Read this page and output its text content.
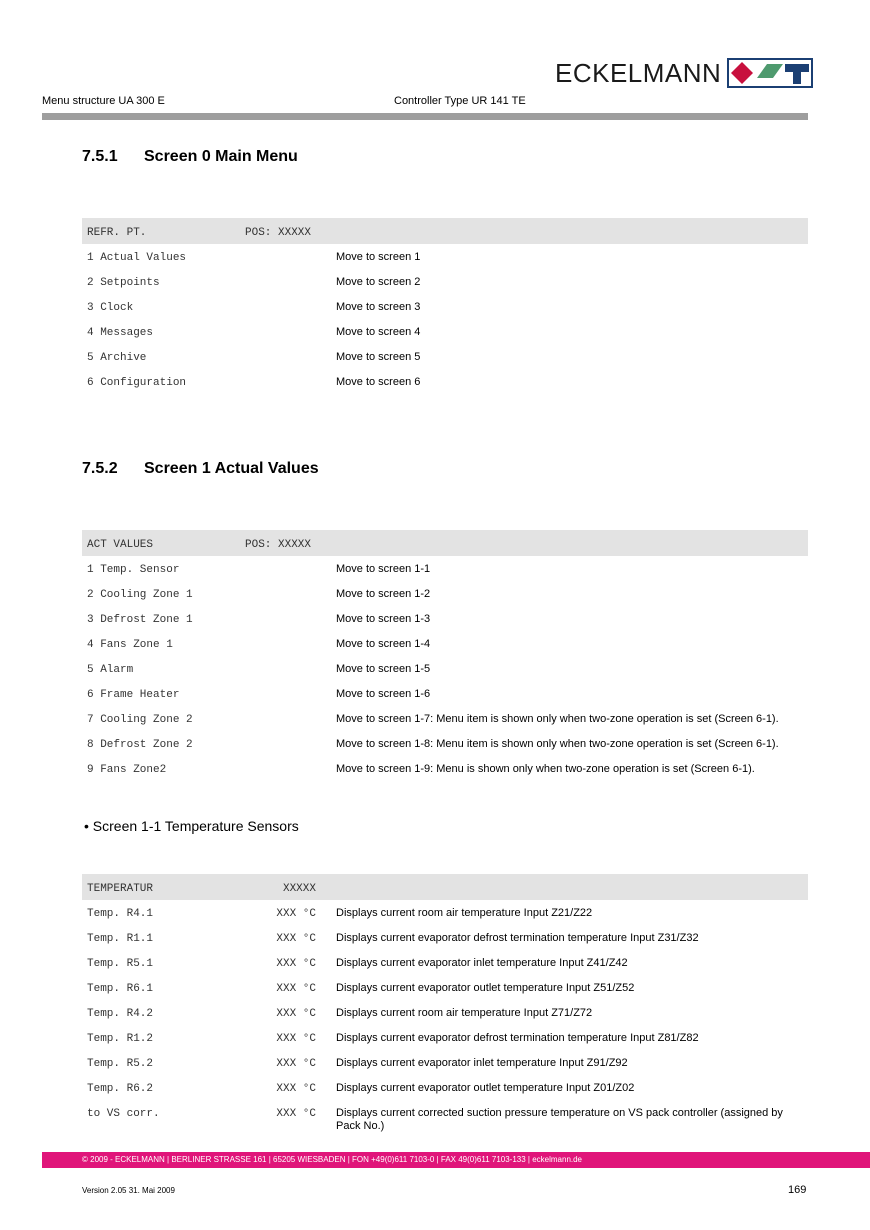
ECKELMANN
Menu structure UA 300 E	Controller Type UR 141 TE
7.5.1 Screen 0 Main Menu
REFR. PT.	POS: XXXXX
1 Actual Values	Move to screen 1
2 Setpoints	Move to screen 2
3 Clock	Move to screen 3
4 Messages	Move to screen 4
5 Archive	Move to screen 5
6 Configuration	Move to screen 6
7.5.2 Screen 1 Actual Values
ACT VALUES	POS: XXXXX
1 Temp. Sensor	Move to screen 1-1
2 Cooling Zone 1	Move to screen 1-2
3 Defrost Zone 1	Move to screen 1-3
4 Fans Zone 1	Move to screen 1-4
5 Alarm	Move to screen 1-5
6 Frame Heater	Move to screen 1-6
7 Cooling Zone 2	Move to screen 1-7: Menu item is shown only when two-zone operation is set (Screen 6-1).
8 Defrost Zone 2	Move to screen 1-8: Menu item is shown only when two-zone operation is set (Screen 6-1).
9 Fans Zone2	Move to screen 1-9: Menu is shown only when two-zone operation is set (Screen 6-1).
• Screen 1-1 Temperature Sensors
TEMPERATUR	XXXXX
Temp. R4.1	XXX °C Displays current room air temperature Input Z21/Z22
Temp. R1.1	XXX °C Displays current evaporator defrost termination temperature Input Z31/Z32
Temp. R5.1	XXX °C Displays current evaporator inlet temperature Input Z41/Z42
Temp. R6.1	XXX °C Displays current evaporator outlet temperature Input Z51/Z52
Temp. R4.2	XXX °C Displays current room air temperature Input Z71/Z72
Temp. R1.2	XXX °C Displays current evaporator defrost termination temperature Input Z81/Z82
Temp. R5.2	XXX °C Displays current evaporator inlet temperature Input Z91/Z92
Temp. R6.2	XXX °C Displays current evaporator outlet temperature Input Z01/Z02
to VS corr.	XXX °C Displays current corrected suction pressure temperature on VS pack controller (assigned by Pack No.)
© 2009 - ECKELMANN | BERLINER STRASSE 161 | 65205 WIESBADEN | FON +49(0)611 7103-0 | FAX 49(0)611 7103-133 | eckelmann.de
Version 2.05 31. Mai 2009	169
